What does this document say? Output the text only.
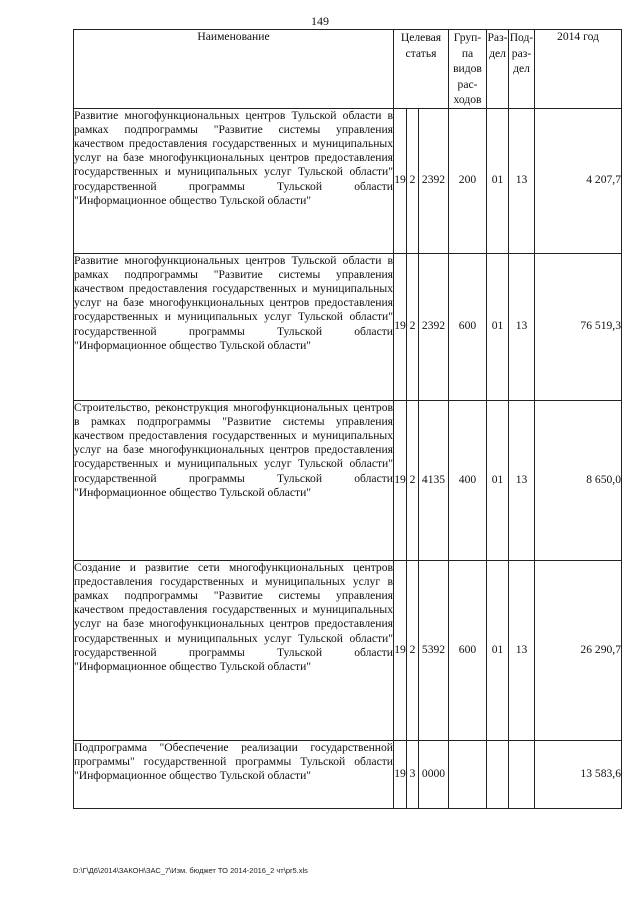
149
Наименование	Целевая статья			Груп-па видов рас-ходов	Раз-дел	Под-раз-дел	2014 год
Развитие многофункциональных центров Тульской области в рамках подпрограммы "Развитие системы управления качеством предоставления государственных и муниципальных услуг на базе многофункциональных центров предоставления государственных и муниципальных услуг Тульской области" государственной программы Тульской области "Информационное общество Тульской области"	19	2	2392	200	01	13	4 207,7
Развитие многофункциональных центров Тульской области в рамках подпрограммы "Развитие системы управления качеством предоставления государственных и муниципальных услуг на базе многофункциональных центров предоставления государственных и муниципальных услуг Тульской области" государственной программы Тульской области "Информационное общество Тульской области"	19	2	2392	600	01	13	76 519,3
Строительство, реконструкция многофункциональных центров в рамках подпрограммы "Развитие системы управления качеством предоставления государственных и муниципальных услуг на базе многофункциональных центров предоставления государственных и муниципальных услуг Тульской области" государственной программы Тульской области "Информационное общество Тульской области"	19	2	4135	400	01	13	8 650,0
Создание и развитие сети многофункциональных центров предоставления государственных и муниципальных услуг в рамках подпрограммы "Развитие системы управления качеством предоставления государственных и муниципальных услуг на базе многофункциональных центров предоставления государственных и муниципальных услуг Тульской области" государственной программы Тульской области "Информационное общество Тульской области"	19	2	5392	600	01	13	26 290,7
Подпрограмма "Обеспечение реализации государственной программы" государственной программы Тульской области "Информационное общество Тульской области"	19	3	0000				13 583,6
D:\Г\Д6\2014\ЗАКОН\ЗАС_7\Изм. бюджет ТО 2014-2016_2 чт\pr5.xls
